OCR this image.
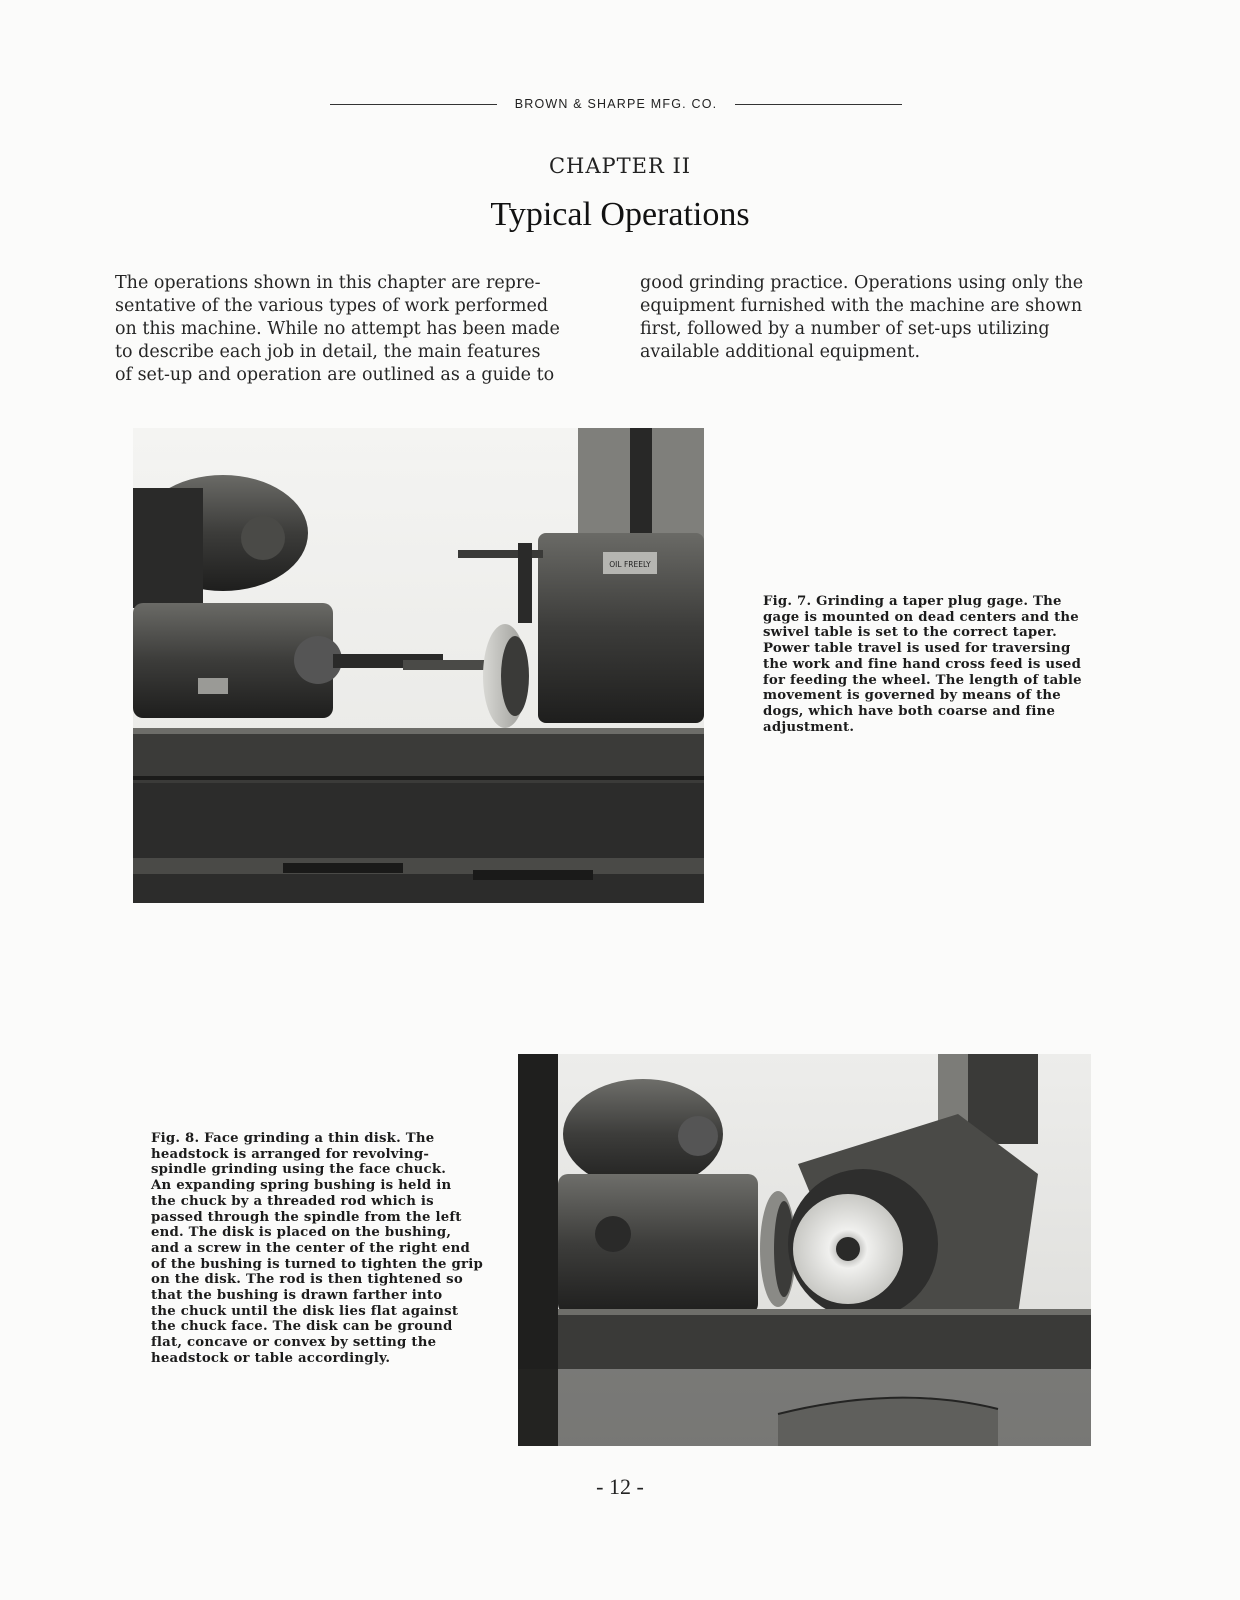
BROWN & SHARPE MFG. CO.
CHAPTER II
Typical Operations
The operations shown in this chapter are repre-
sentative of the various types of work performed
on this machine. While no attempt has been made
to describe each job in detail, the main features
of set-up and operation are outlined as a guide to
good grinding practice. Operations using only the
equipment furnished with the machine are shown
first, followed by a number of set-ups utilizing
available additional equipment.
OIL FREELY
Fig. 7. Grinding a taper plug gage. The
gage is mounted on dead centers and the
swivel table is set to the correct taper.
Power table travel is used for traversing
the work and fine hand cross feed is used
for feeding the wheel. The length of table
movement is governed by means of the
dogs, which have both coarse and fine
adjustment.
Fig. 8. Face grinding a thin disk. The
headstock is arranged for revolving-
spindle grinding using the face chuck.
An expanding spring bushing is held in
the chuck by a threaded rod which is
passed through the spindle from the left
end. The disk is placed on the bushing,
and a screw in the center of the right end
of the bushing is turned to tighten the grip
on the disk. The rod is then tightened so
that the bushing is drawn farther into
the chuck until the disk lies flat against
the chuck face. The disk can be ground
flat, concave or convex by setting the
headstock or table accordingly.
- 12 -
